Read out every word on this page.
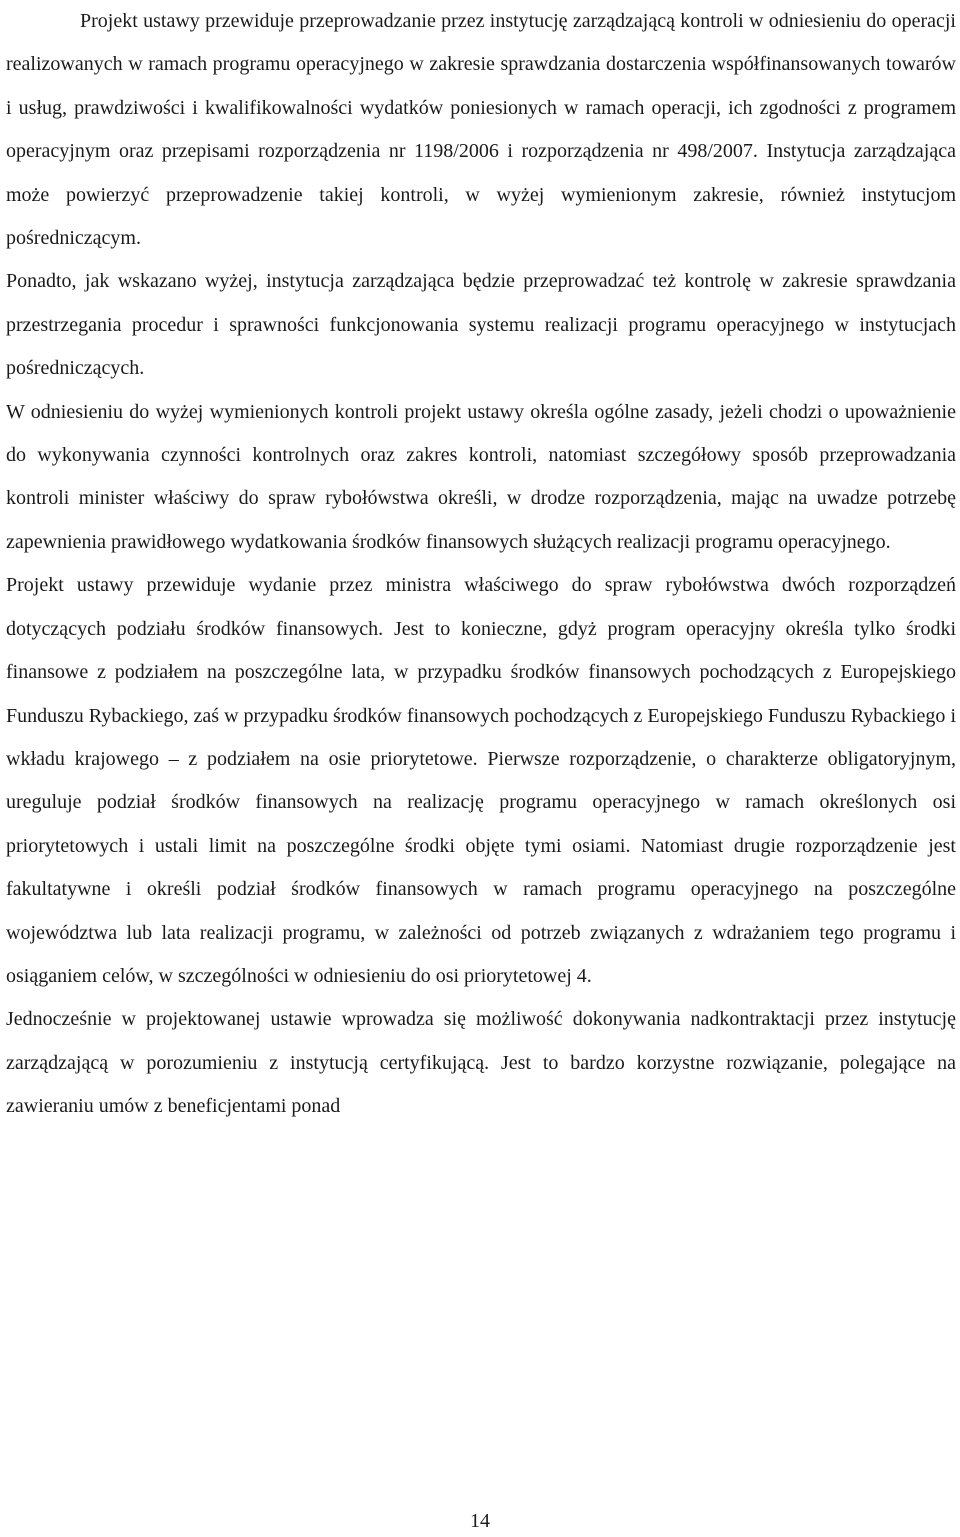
Projekt ustawy przewiduje przeprowadzanie przez instytucję zarządzającą kontroli w odniesieniu do operacji realizowanych w ramach programu operacyjnego w zakresie sprawdzania dostarczenia współfinansowanych towarów i usług, prawdziwości i kwalifikowalności wydatków poniesionych w ramach operacji, ich zgodności z programem operacyjnym oraz przepisami rozporządzenia nr 1198/2006 i rozporządzenia nr 498/2007. Instytucja zarządzająca może powierzyć przeprowadzenie takiej kontroli, w wyżej wymienionym zakresie, również instytucjom pośredniczącym.

Ponadto, jak wskazano wyżej, instytucja zarządzająca będzie przeprowadzać też kontrolę w zakresie sprawdzania przestrzegania procedur i sprawności funkcjonowania systemu realizacji programu operacyjnego w instytucjach pośredniczących.

W odniesieniu do wyżej wymienionych kontroli projekt ustawy określa ogólne zasady, jeżeli chodzi o upoważnienie do wykonywania czynności kontrolnych oraz zakres kontroli, natomiast szczegółowy sposób przeprowadzania kontroli minister właściwy do spraw rybołówstwa określi, w drodze rozporządzenia, mając na uwadze potrzebę zapewnienia prawidłowego wydatkowania środków finansowych służących realizacji programu operacyjnego.

Projekt ustawy przewiduje wydanie przez ministra właściwego do spraw rybołówstwa dwóch rozporządzeń dotyczących podziału środków finansowych. Jest to konieczne, gdyż program operacyjny określa tylko środki finansowe z podziałem na poszczególne lata, w przypadku środków finansowych pochodzących z Europejskiego Funduszu Rybackiego, zaś w przypadku środków finansowych pochodzących z Europejskiego Funduszu Rybackiego i wkładu krajowego – z podziałem na osie priorytetowe. Pierwsze rozporządzenie, o charakterze obligatoryjnym, ureguluje podział środków finansowych na realizację programu operacyjnego w ramach określonych osi priorytetowych i ustali limit na poszczególne środki objęte tymi osiami. Natomiast drugie rozporządzenie jest fakultatywne i określi podział środków finansowych w ramach programu operacyjnego na poszczególne województwa lub lata realizacji programu, w zależności od potrzeb związanych z wdrażaniem tego programu i osiąganiem celów, w szczególności w odniesieniu do osi priorytetowej 4.

Jednocześnie w projektowanej ustawie wprowadza się możliwość dokonywania nadkontraktacji przez instytucję zarządzającą w porozumieniu z instytucją certyfikującą. Jest to bardzo korzystne rozwiązanie, polegające na zawieraniu umów z beneficjentami ponad

14
